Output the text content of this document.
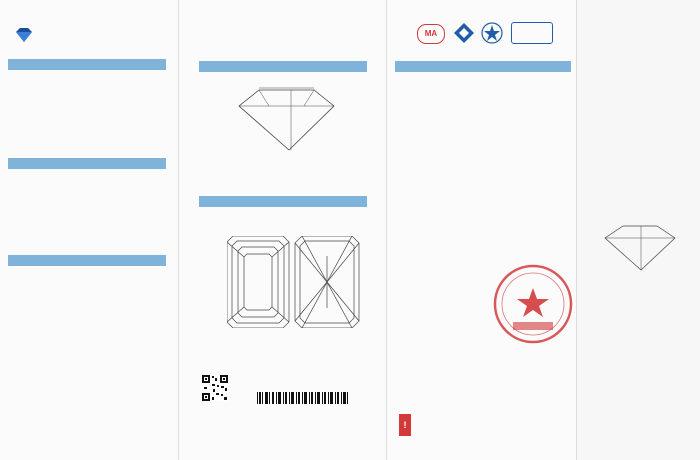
MA
!
